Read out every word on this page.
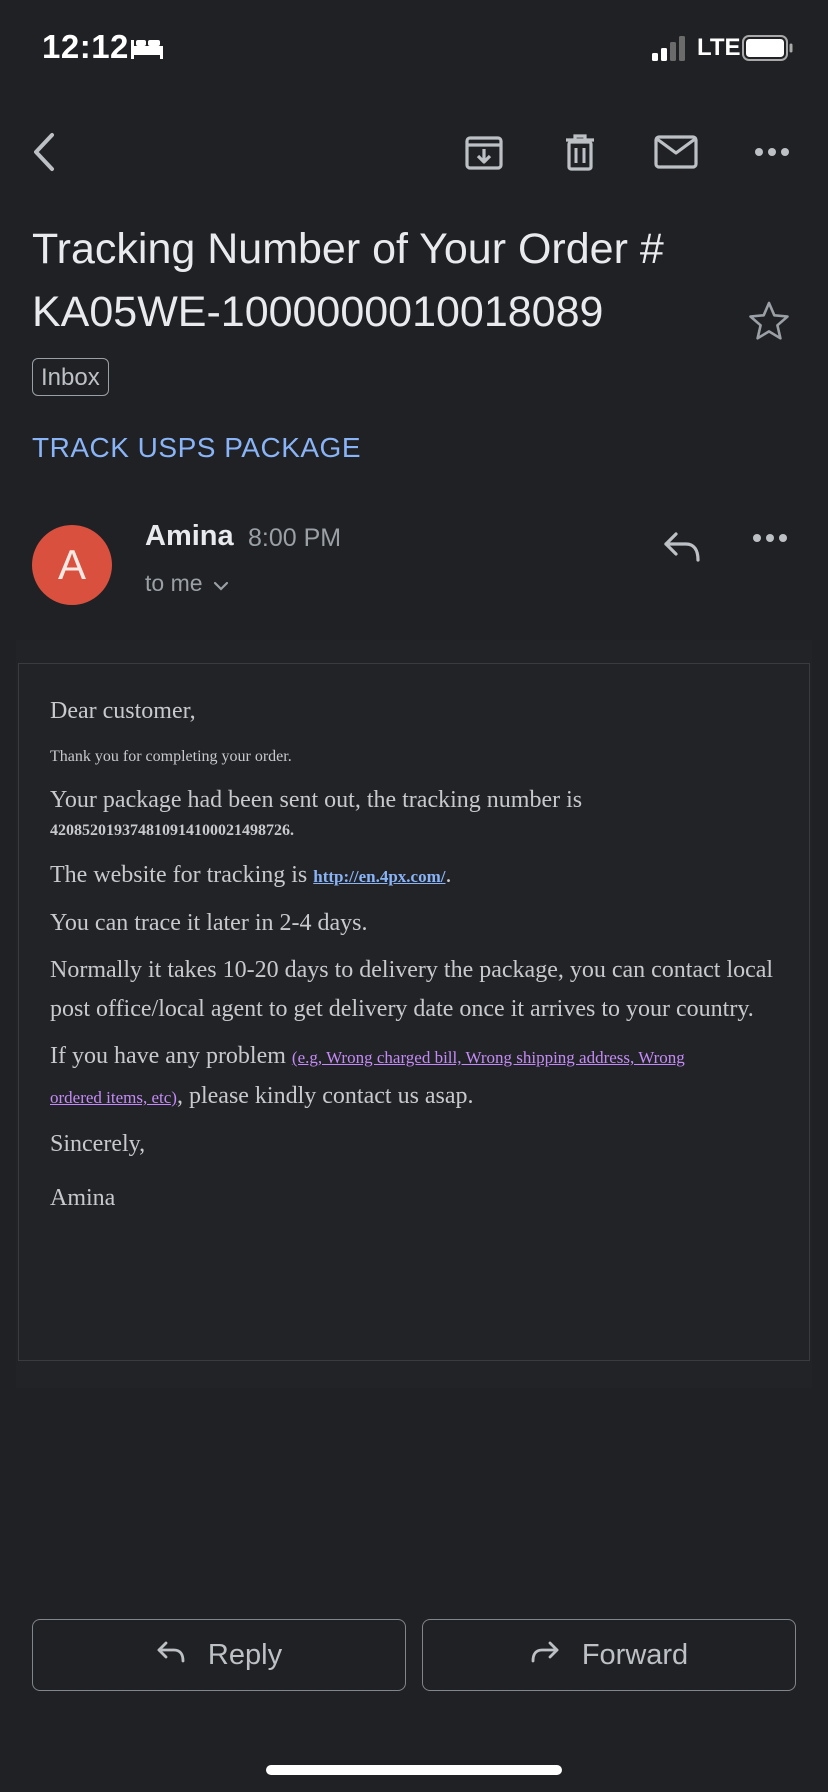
12:12	LTE
Tracking Number of Your Order # KA05WE-1000000010018089
Inbox
TRACK USPS PACKAGE
A
Amina 8:00 PM
to me

Dear customer,

Thank you for completing your order.

Your package had been sent out, the tracking number is

420852019374810914100021498726.

The website for tracking is http://en.4px.com/.

You can trace it later in 2-4 days.

Normally it takes 10-20 days to delivery the package, you can contact local post office/local agent to get delivery date once it arrives to your country.

If you have any problem (e.g, Wrong charged bill, Wrong shipping address, Wrong
ordered items, etc), please kindly contact us asap.

Sincerely,

Amina

Reply	Forward
